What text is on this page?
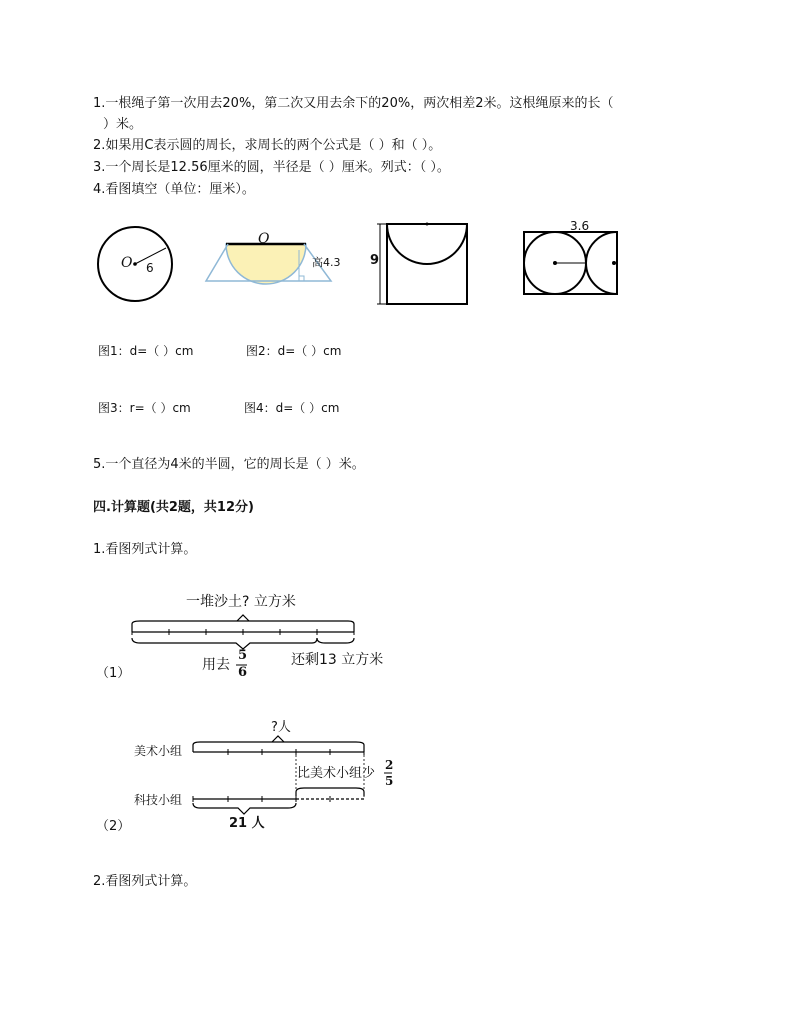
1.一根绳子第一次用去20%，第二次又用去余下的20%，两次相差2米。这根绳原来的长（
）米。
2.如果用C表示圆的周长，求周长的两个公式是（ ）和（ ）。
3.一个周长是12.56厘米的圆，半径是（ ）厘米。列式：（ ）。
4.看图填空（单位：厘米）。
O 6
O
高4.3 9
3.6
图1：d=（ ）cm	图2：d=（ ）cm
图3：r=（ ）cm	图4：d=（ ）cm
5.一个直径为4米的半圆，它的周长是（ ）米。
四.计算题(共2题，共12分)
1.看图列式计算。
一堆沙土? 立方米
用去
5
6
还剩13 立方米
（1）
?人
美术小组
比美术小组少
2
5
科技小组
21 人
（2）
2.看图列式计算。
